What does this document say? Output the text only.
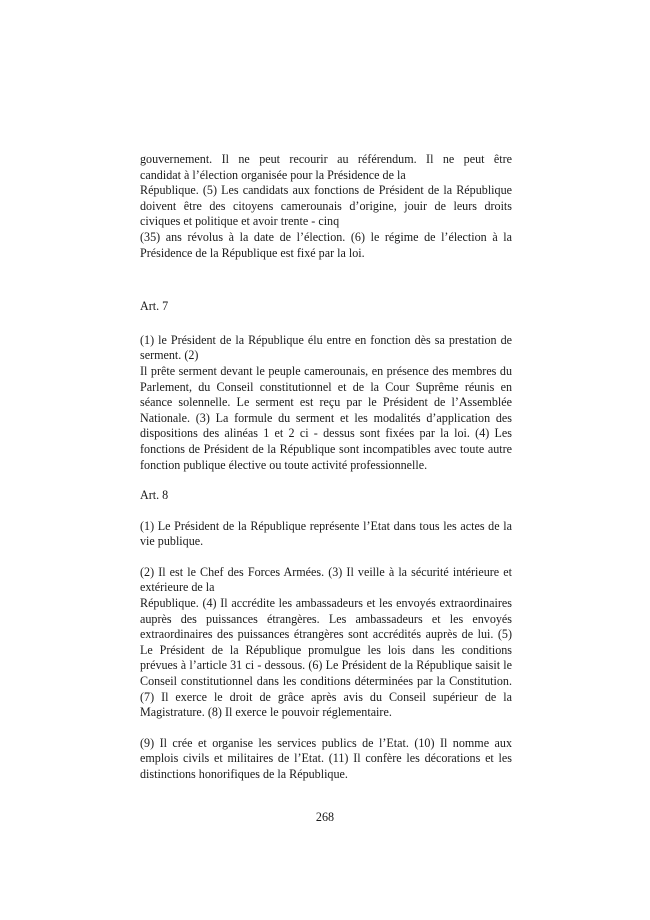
gouvernement. Il ne peut recourir au référendum. Il ne peut être

candidat à l’élection organisée pour la Présidence de la

République. (5) Les candidats aux fonctions de Président de la République doivent être des citoyens camerounais d’origine, jouir de leurs droits civiques et politique et avoir trente - cinq

(35) ans révolus à la date de l’élection. (6) le régime de l’élection à la Présidence de la République est fixé par la loi.

Art. 7

(1) le Président de la République élu entre en fonction dès sa prestation de serment. (2)

Il prête serment devant le peuple camerounais, en présence des membres du Parlement, du Conseil constitutionnel et de la Cour Suprême réunis en séance solennelle. Le serment est reçu par le Président de l’Assemblée Nationale. (3) La formule du serment et les modalités d’application des dispositions des alinéas 1 et 2 ci - dessus sont fixées par la loi. (4) Les fonctions de Président de la République sont incompatibles avec toute autre fonction publique élective ou toute activité professionnelle.

Art. 8

(1) Le Président de la République représente l’Etat dans tous les actes de la vie publique.

(2) Il est le Chef des Forces Armées. (3) Il veille à la sécurité intérieure et extérieure de la

République. (4) Il accrédite les ambassadeurs et les envoyés extraordinaires auprès des puissances étrangères. Les ambassadeurs et les envoyés extraordinaires des puissances étrangères sont accrédités auprès de lui. (5) Le Président de la République promulgue les lois dans les conditions prévues à l’article 31 ci - dessous. (6) Le Président de la République saisit le Conseil constitutionnel dans les conditions déterminées par la Constitution. (7) Il exerce le droit de grâce après avis du Conseil supérieur de la Magistrature. (8) Il exerce le pouvoir réglementaire.

(9) Il crée et organise les services publics de l’Etat. (10) Il nomme aux emplois civils et militaires de l’Etat. (11) Il confère les décorations et les distinctions honorifiques de la République.

268
